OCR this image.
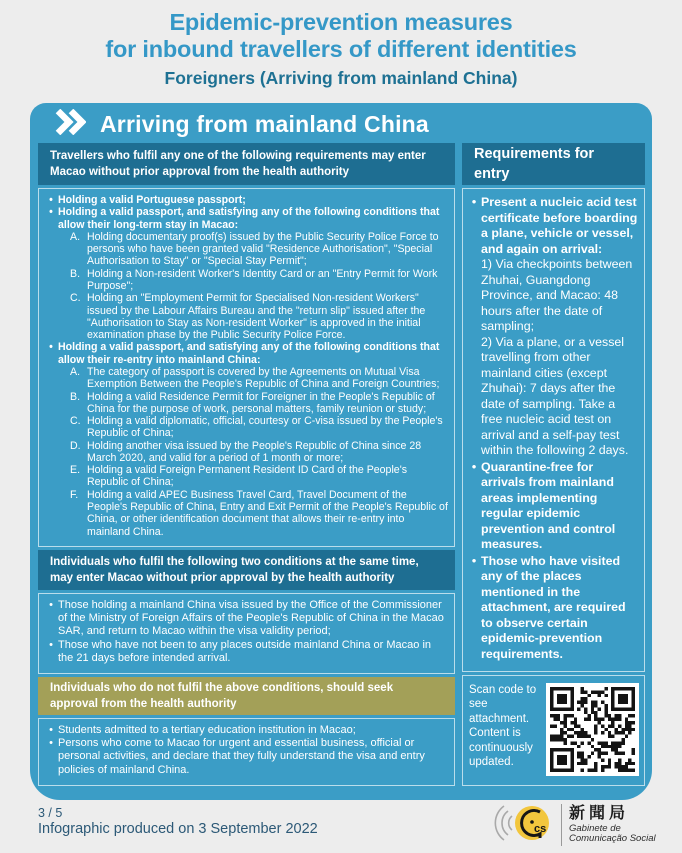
Epidemic-prevention measures
for inbound travellers of different identities
Foreigners (Arriving from mainland China)
Arriving from mainland China
Travellers who fulfil any one of the following requirements may enter Macao without prior approval from the health authority
• Holding a valid Portuguese passport;
• Holding a valid passport, and satisfying any of the following conditions that allow their long-term stay in Macao:
A. Holding documentary proof(s) issued by the Public Security Police Force to persons who have been granted valid "Residence Authorisation", "Special Authorisation to Stay" or "Special Stay Permit";
B. Holding a Non-resident Worker's Identity Card or an "Entry Permit for Work Purpose";
C. Holding an "Employment Permit for Specialised Non-resident Workers" issued by the Labour Affairs Bureau and the "return slip" issued after the "Authorisation to Stay as Non-resident Worker" is approved in the initial examination phase by the Public Security Police Force.
• Holding a valid passport, and satisfying any of the following conditions that allow their re-entry into mainland China:
A. The category of passport is covered by the Agreements on Mutual Visa Exemption Between the People's Republic of China and Foreign Countries;
B. Holding a valid Residence Permit for Foreigner in the People's Republic of China for the purpose of work, personal matters, family reunion or study;
C. Holding a valid diplomatic, official, courtesy or C-visa issued by the People's Republic of China;
D. Holding another visa issued by the People's Republic of China since 28 March 2020, and valid for a period of 1 month or more;
E. Holding a valid Foreign Permanent Resident ID Card of the People's Republic of China;
F. Holding a valid APEC Business Travel Card, Travel Document of the People's Republic of China, Entry and Exit Permit of the People's Republic of China, or other identification document that allows their re-entry into mainland China.
Individuals who fulfil the following two conditions at the same time, may enter Macao without prior approval by the health authority
• Those holding a mainland China visa issued by the Office of the Commissioner of the Ministry of Foreign Affairs of the People's Republic of China in the Macao SAR, and return to Macao within the visa validity period;
• Those who have not been to any places outside mainland China or Macao in the 21 days before intended arrival.
Individuals who do not fulfil the above conditions, should seek approval from the health authority
• Students admitted to a tertiary education institution in Macao;
• Persons who come to Macao for urgent and essential business, official or personal activities, and declare that they fully understand the visa and entry policies of mainland China.
Requirements for entry
• Present a nucleic acid test certificate before boarding a plane, vehicle or vessel, and again on arrival:
1) Via checkpoints between Zhuhai, Guangdong Province, and Macao: 48 hours after the date of sampling;
2) Via a plane, or a vessel travelling from other mainland cities (except Zhuhai): 7 days after the date of sampling. Take a free nucleic acid test on arrival and a self-pay test within the following 2 days.
• Quarantine-free for arrivals from mainland areas implementing regular epidemic prevention and control measures.
• Those who have visited any of the places mentioned in the attachment, are required to observe certain epidemic-prevention requirements.
Scan code to see attachment. Content is continuously updated.
3 / 5
Infographic produced on 3 September 2022	cs
新聞局
Gabinete de
Comunicação Social
